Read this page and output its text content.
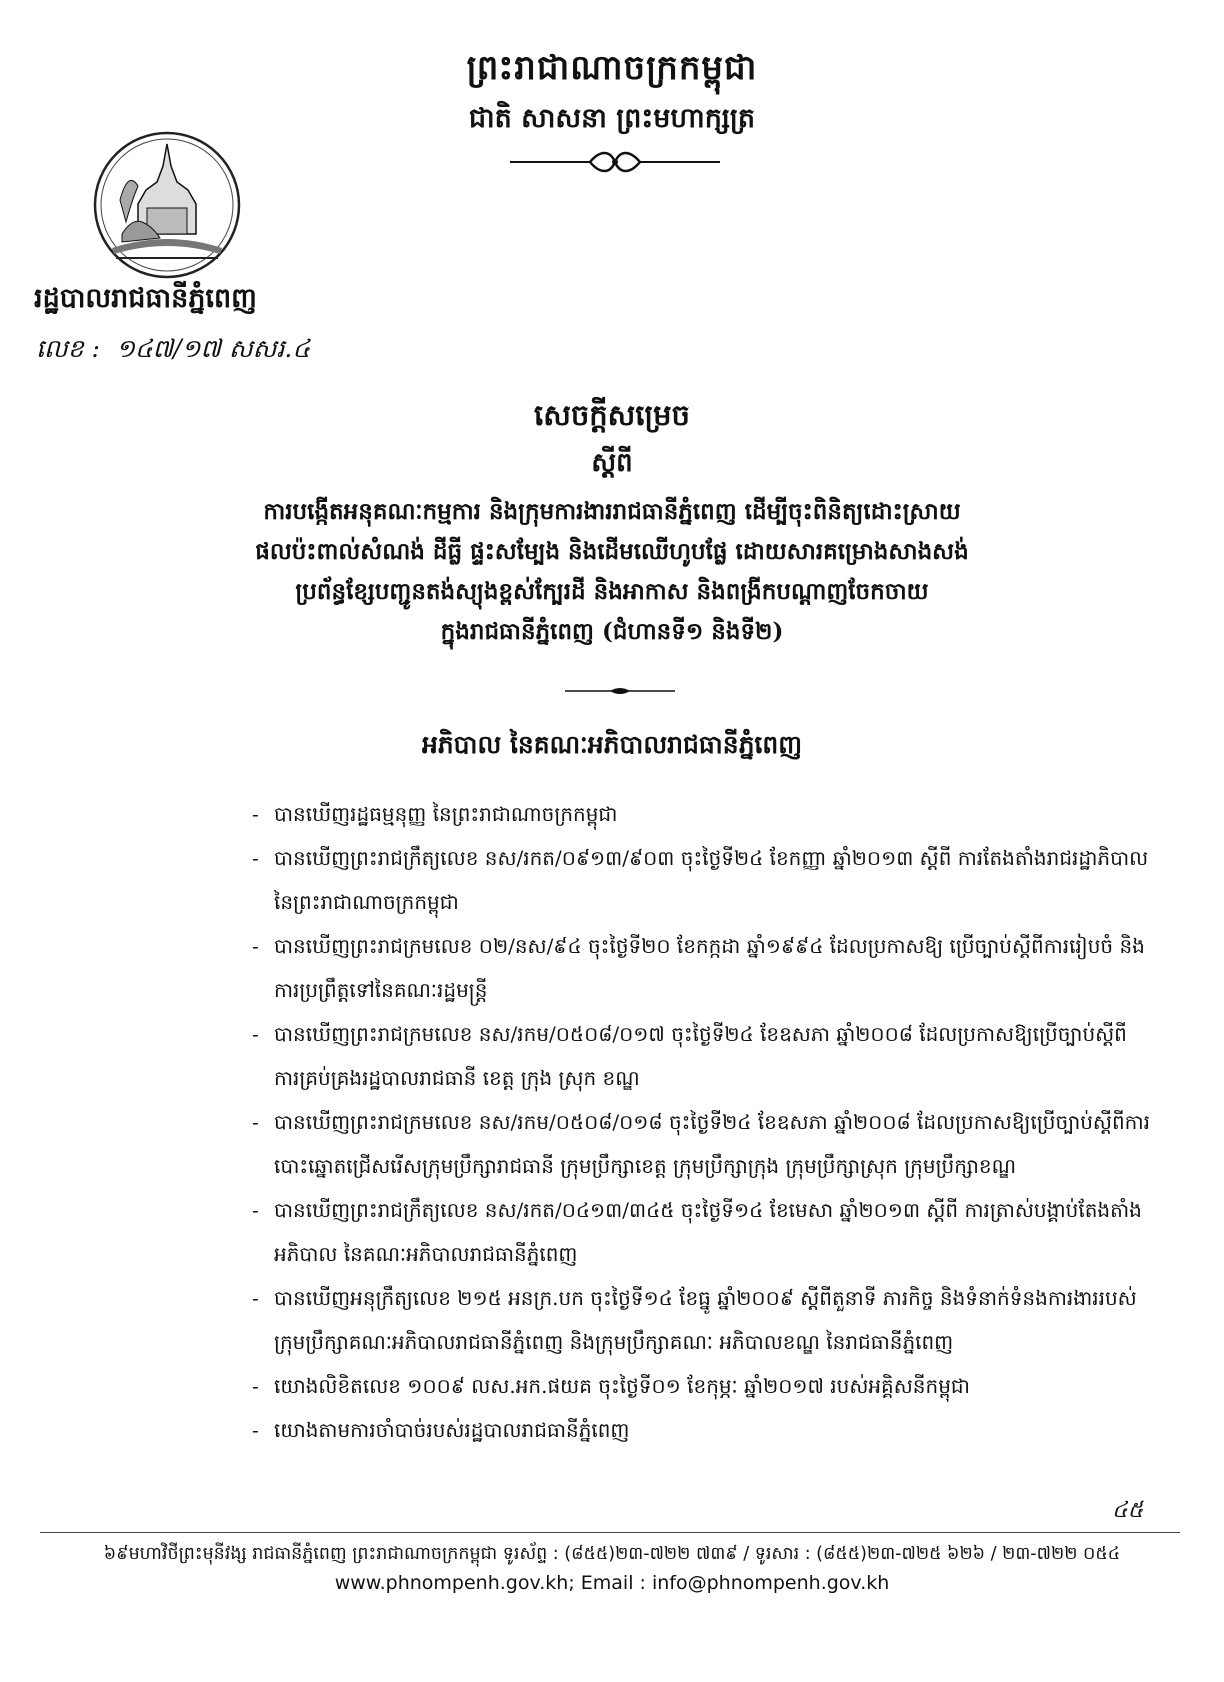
ព្រះរាជាណាចក្រកម្ពុជា
ជាតិ សាសនា ព្រះមហាក្សត្រ
រដ្ឋបាលរាជធានីភ្នំពេញ
លេខ : ១៤៧/១៧ សសរ.៤
សេចក្ដីសម្រេច
ស្ដីពី
ការបង្កើតអនុគណៈកម្មការ និងក្រុមការងាររាជធានីភ្នំពេញ ដើម្បីចុះពិនិត្យដោះស្រាយ
ផលប៉ះពាល់សំណង់ ដីធ្លី ផ្ទះសម្បែង និងដើមឈើហូបផ្លែ ដោយសារគម្រោងសាងសង់
ប្រព័ន្ធខ្សែបញ្ជូនតង់ស្យុងខ្ពស់ក្បែរដី និងអាកាស និងពង្រីកបណ្ដាញចែកចាយ
ក្នុងរាជធានីភ្នំពេញ (ជំហានទី១ និងទី២)
អភិបាល នៃគណៈអភិបាលរាជធានីភ្នំពេញ
- បានឃើញរដ្ឋធម្មនុញ្ញ នៃព្រះរាជាណាចក្រកម្ពុជា
- បានឃើញព្រះរាជក្រឹត្យលេខ នស/រកត/០៩១៣/៩០៣ ចុះថ្ងៃទី២៤ ខែកញ្ញា ឆ្នាំ២០១៣ ស្ដីពី ការតែងតាំងរាជរដ្ឋាភិបាលនៃព្រះរាជាណាចក្រកម្ពុជា
- បានឃើញព្រះរាជក្រមលេខ ០២/នស/៩៤ ចុះថ្ងៃទី២០ ខែកក្កដា ឆ្នាំ១៩៩៤ ដែលប្រកាសឱ្យ ប្រើច្បាប់ស្ដីពីការរៀបចំ និងការប្រព្រឹត្តទៅនៃគណៈរដ្ឋមន្ត្រី
- បានឃើញព្រះរាជក្រមលេខ នស/រកម/០៥០៨/០១៧ ចុះថ្ងៃទី២៤ ខែឧសភា ឆ្នាំ២០០៨ ដែលប្រកាសឱ្យប្រើច្បាប់ស្ដីពីការគ្រប់គ្រងរដ្ឋបាលរាជធានី ខេត្ត ក្រុង ស្រុក ខណ្ឌ
- បានឃើញព្រះរាជក្រមលេខ នស/រកម/០៥០៨/០១៨ ចុះថ្ងៃទី២៤ ខែឧសភា ឆ្នាំ២០០៨ ដែលប្រកាសឱ្យប្រើច្បាប់ស្ដីពីការបោះឆ្នោតជ្រើសរើសក្រុមប្រឹក្សារាជធានី ក្រុមប្រឹក្សាខេត្ត ក្រុមប្រឹក្សាក្រុង ក្រុមប្រឹក្សាស្រុក ក្រុមប្រឹក្សាខណ្ឌ
- បានឃើញព្រះរាជក្រឹត្យលេខ នស/រកត/០៤១៣/៣៤៥ ចុះថ្ងៃទី១៤ ខែមេសា ឆ្នាំ២០១៣ ស្ដីពី ការត្រាស់បង្គាប់តែងតាំងអភិបាល នៃគណៈអភិបាលរាជធានីភ្នំពេញ
- បានឃើញអនុក្រឹត្យលេខ ២១៥ អនក្រ.បក ចុះថ្ងៃទី១៤ ខែធ្នូ ឆ្នាំ២០០៩ ស្ដីពីតួនាទី ភារកិច្ច និងទំនាក់ទំនងការងាររបស់ក្រុមប្រឹក្សាគណៈអភិបាលរាជធានីភ្នំពេញ និងក្រុមប្រឹក្សាគណៈ អភិបាលខណ្ឌ នៃរាជធានីភ្នំពេញ
- យោងលិខិតលេខ ១០០៩ លស.អក.ផយគ ចុះថ្ងៃទី០១ ខែកុម្ភៈ ឆ្នាំ២០១៧ របស់អគ្គិសនីកម្ពុជា
- យោងតាមការចាំបាច់របស់រដ្ឋបាលរាជធានីភ្នំពេញ
៤៥
៦៩មហាវិថីព្រះមុនីវង្ស រាជធានីភ្នំពេញ ព្រះរាជាណាចក្រកម្ពុជា ទូរស័ព្ទ : (៨៥៥)២៣-៧២២ ៧៣៩ / ទូរសារ : (៨៥៥)២៣-៧២៥ ៦២៦ / ២៣-៧២២ ០៥៤
www.phnompenh.gov.kh; Email : info@phnompenh.gov.kh
